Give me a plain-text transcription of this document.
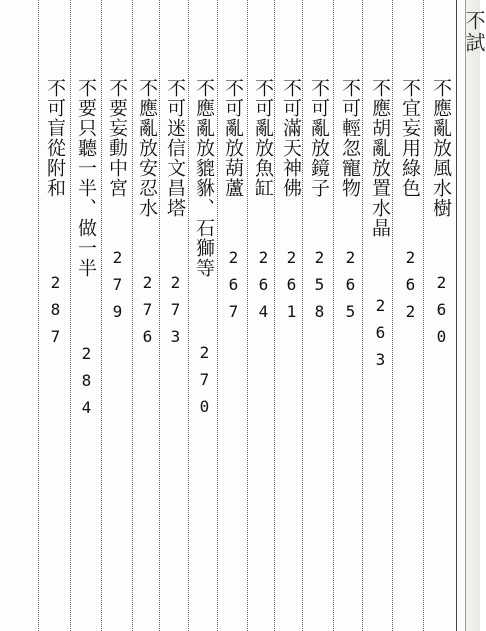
不應亂放風水樹
260
不宜妄用綠色
262
不應胡亂放置水晶
263
不可輕忽寵物
265
不可亂放鏡子
258
不可滿天神佛
261
不可亂放魚缸
264
不可亂放葫蘆
267
不應亂放貔貅、石獅等
270
不可迷信文昌塔
273
不應亂放安忍水
276
不要妄動中宮
279
不要只聽一半、做一半
284
不可盲從附和
287
不試
